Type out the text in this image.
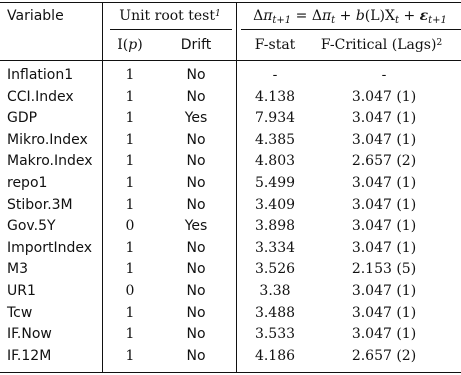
Variable	Unit root test$^1$	$\Delta\pi_{t+1} = \Delta\pi_t + b(L)X_t + \varepsilon_{t+1}$
I(p)	Drift	F-stat	F-Critical (Lags)$^2$
Inflation1	1	No	-	-
CCI.Index	1	No	4.138	3.047 (1)
GDP	1	Yes	7.934	3.047 (1)
Mikro.Index	1	No	4.385	3.047 (1)
Makro.Index	1	No	4.803	2.657 (2)
repo1	1	No	5.499	3.047 (1)
Stibor.3M	1	No	3.409	3.047 (1)
Gov.5Y	0	Yes	3.898	3.047 (1)
ImportIndex	1	No	3.334	3.047 (1)
M3	1	No	3.526	2.153 (5)
UR1	0	No	3.38	3.047 (1)
Tcw	1	No	3.488	3.047 (1)
IF.Now	1	No	3.533	3.047 (1)
IF.12M	1	No	4.186	2.657 (2)
